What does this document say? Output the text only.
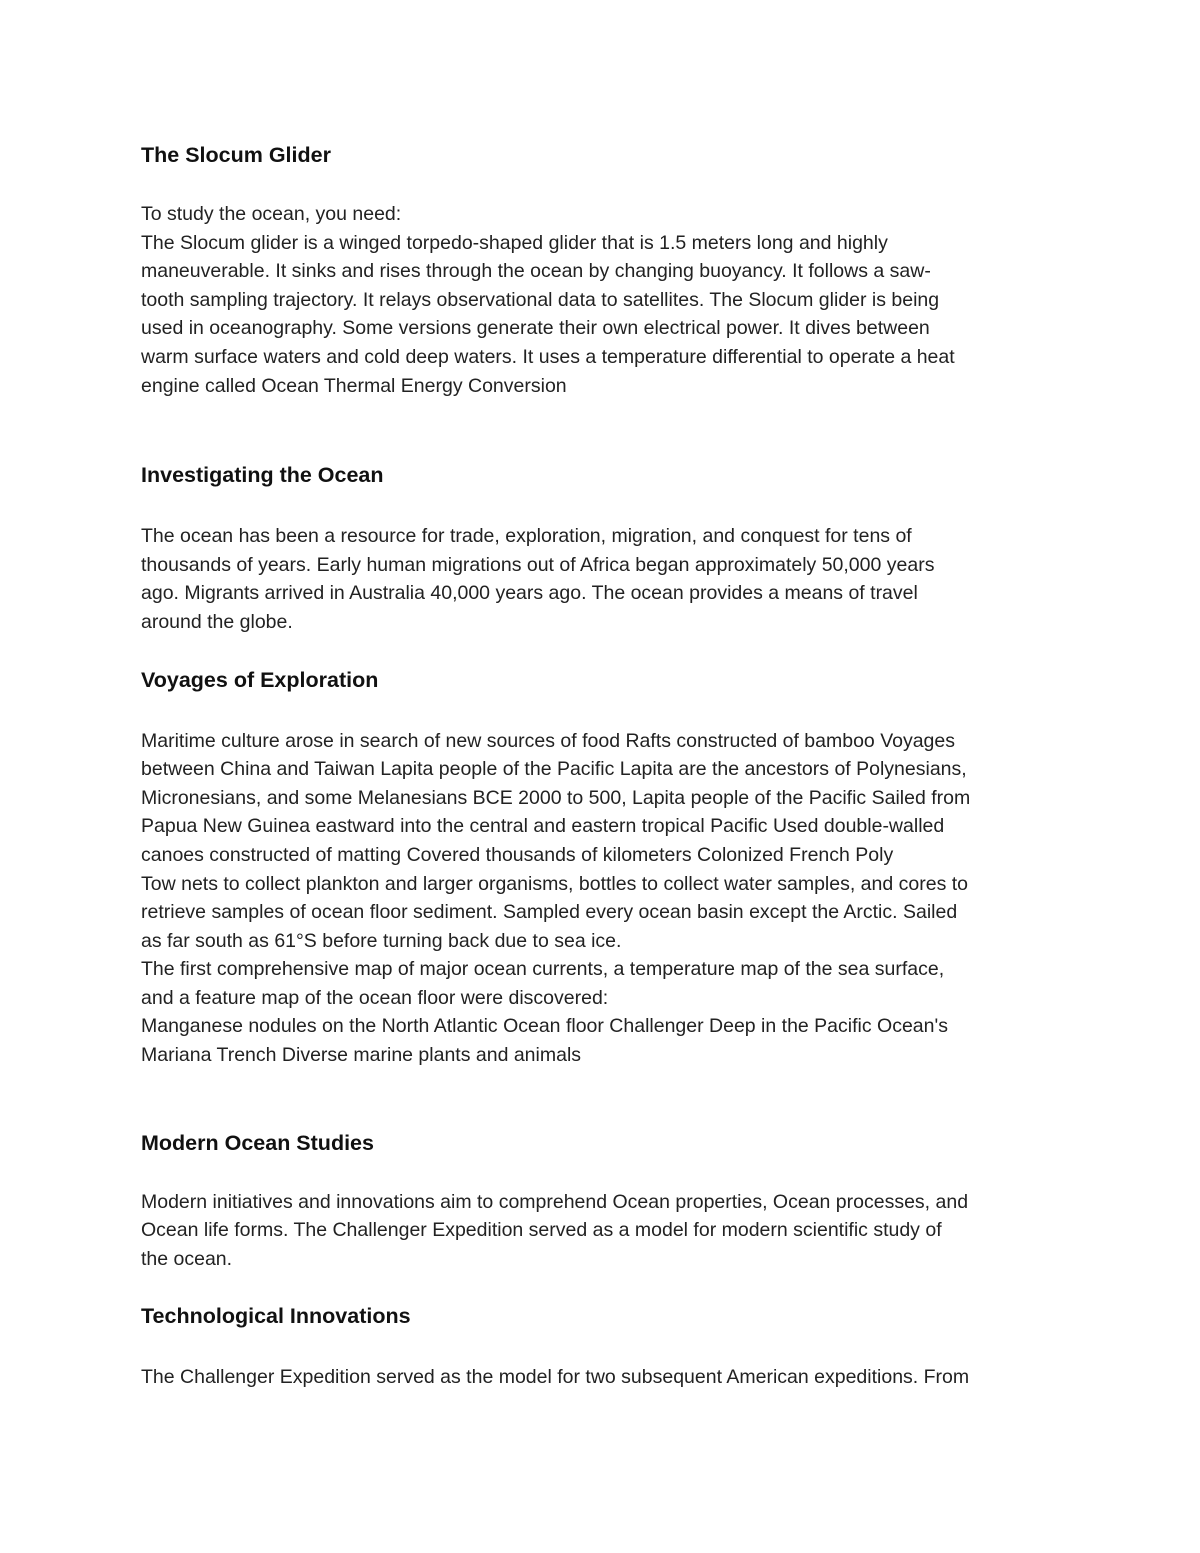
The Slocum Glider

To study the ocean, you need:
The Slocum glider is a winged torpedo-shaped glider that is 1.5 meters long and highly
maneuverable. It sinks and rises through the ocean by changing buoyancy. It follows a saw-
tooth sampling trajectory. It relays observational data to satellites. The Slocum glider is being
used in oceanography. Some versions generate their own electrical power. It dives between
warm surface waters and cold deep waters. It uses a temperature differential to operate a heat
engine called Ocean Thermal Energy Conversion

Investigating the Ocean

The ocean has been a resource for trade, exploration, migration, and conquest for tens of
thousands of years. Early human migrations out of Africa began approximately 50,000 years
ago. Migrants arrived in Australia 40,000 years ago. The ocean provides a means of travel
around the globe.

Voyages of Exploration

Maritime culture arose in search of new sources of food Rafts constructed of bamboo Voyages
between China and Taiwan Lapita people of the Pacific Lapita are the ancestors of Polynesians,
Micronesians, and some Melanesians BCE 2000 to 500, Lapita people of the Pacific Sailed from
Papua New Guinea eastward into the central and eastern tropical Pacific Used double-walled
canoes constructed of matting Covered thousands of kilometers Colonized French Poly
Tow nets to collect plankton and larger organisms, bottles to collect water samples, and cores to
retrieve samples of ocean floor sediment. Sampled every ocean basin except the Arctic. Sailed
as far south as 61°S before turning back due to sea ice.
The first comprehensive map of major ocean currents, a temperature map of the sea surface,
and a feature map of the ocean floor were discovered:
Manganese nodules on the North Atlantic Ocean floor Challenger Deep in the Pacific Ocean's
Mariana Trench Diverse marine plants and animals

Modern Ocean Studies

Modern initiatives and innovations aim to comprehend Ocean properties, Ocean processes, and
Ocean life forms. The Challenger Expedition served as a model for modern scientific study of
the ocean.

Technological Innovations

The Challenger Expedition served as the model for two subsequent American expeditions. From
